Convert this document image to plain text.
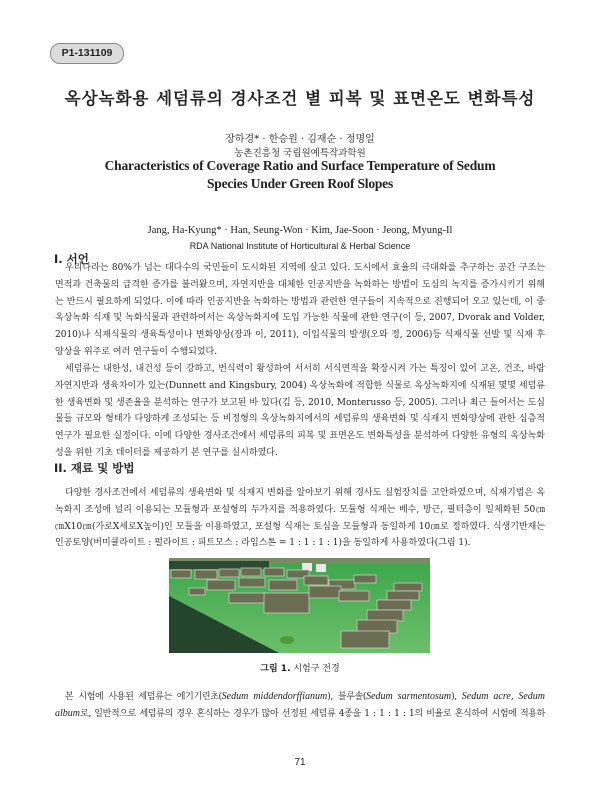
P1-131109
옥상녹화용 세덤류의 경사조건 별 피복 및 표면온도 변화특성
장하경* · 한승원 · 김재순 · 정명일
농촌진흥청 국립원예특작과학원
Characteristics of Coverage Ratio and Surface Temperature of Sedum
Species Under Green Roof Slopes
Jang, Ha-Kyung* · Han, Seung-Won · Kim, Jae-Soon · Jeong, Myung-Il
RDA National Institute of Horticultural & Herbal Science
I. 서언
우리나라는 80%가 넘는 대다수의 국민들이 도시화된 지역에 살고 있다. 도시에서 효율의 극대화를 추구하는 공간 구조는
면적과 건축물의 급격한 증가를 불러왔으며, 자연지반을 대체한 인공지반을 녹화하는 방법이 도심의 녹지를 증가시키기 위해
는 반드시 필요하게 되었다. 이에 따라 인공지반을 녹화하는 방법과 관련한 연구들이 지속적으로 진행되어 오고 있는데, 이 중
옥상녹화 식재 및 녹화식물과 관련하여서는 옥상녹화지에 도입 가능한 식물에 관한 연구(이 등, 2007, Dvorak and Volder,
2010)나 식재식물의 생육특성이나 변화양상(장과 이, 2011), 이입식물의 발생(오와 정, 2006)등 식재식물 선발 및 식재 후
양상을 위주로 여러 연구들이 수행되었다.
세덤류는 내한성, 내건성 등이 강하고, 번식력이 왕성하여 서서히 서식면적을 확장시켜 가는 특징이 있어 고온, 건조, 바람
자연지반과 생육차이가 있는(Dunnett and Kingsbury, 2004) 옥상녹화에 적합한 식물로 옥상녹화지에 식재된 몇몇 세덤류
한 생육변화 및 생존율을 분석하는 연구가 보고된 바 있다(김 등, 2010, Monterusso 등, 2005). 그러나 최근 들어서는 도심
물들 규모와 형태가 다양하게 조성되는 등 비정형의 옥상녹화지에서의 세덤류의 생육변화 및 식재지 변화양상에 관한 심층적
연구가 필요한 실정이다. 이에 다양한 경사조건에서 세덤류의 피복 및 표면온도 변화특성을 분석하여 다양한 유형의 옥상녹화
성을 위한 기초 데이터를 제공하기 본 연구를 실시하였다.
II. 재료 및 방법
다양한 경사조건에서 세덤류의 생육변화 및 식재지 변화를 알아보기 위해 경사도 실험장치를 고안하였으며, 식재기법은 옥
녹화지 조성에 널리 이용되는 모듈형과 포설형의 두가지를 적용하였다. 모듈형 식재는 배수, 방근, 필터층이 일체화된 50㎝
㎝X10㎝(가로X세로X높이)인 모듈을 이용하였고, 포설형 식재는 토심을 모듈형과 동일하게 10㎝로 정하였다. 식생기반재는
인공토양(버미큘라이트 : 펄라이트 : 피트모스 : 라임스톤 = 1 : 1 : 1 : 1)을 동일하게 사용하였다(그림 1).
그림 1. 시험구 전경
본 시험에 사용된 세덤류는 에기기린초(Sedum middendorffianum), 블루솔(Sedum sarmentosum), Sedum acre, Sedum
album로, 일반적으로 세덤류의 경우 혼식하는 경우가 많아 선정된 세덤류 4종을 1 : 1 : 1 : 1의 비율로 혼식하여 시험에 적용하
71
